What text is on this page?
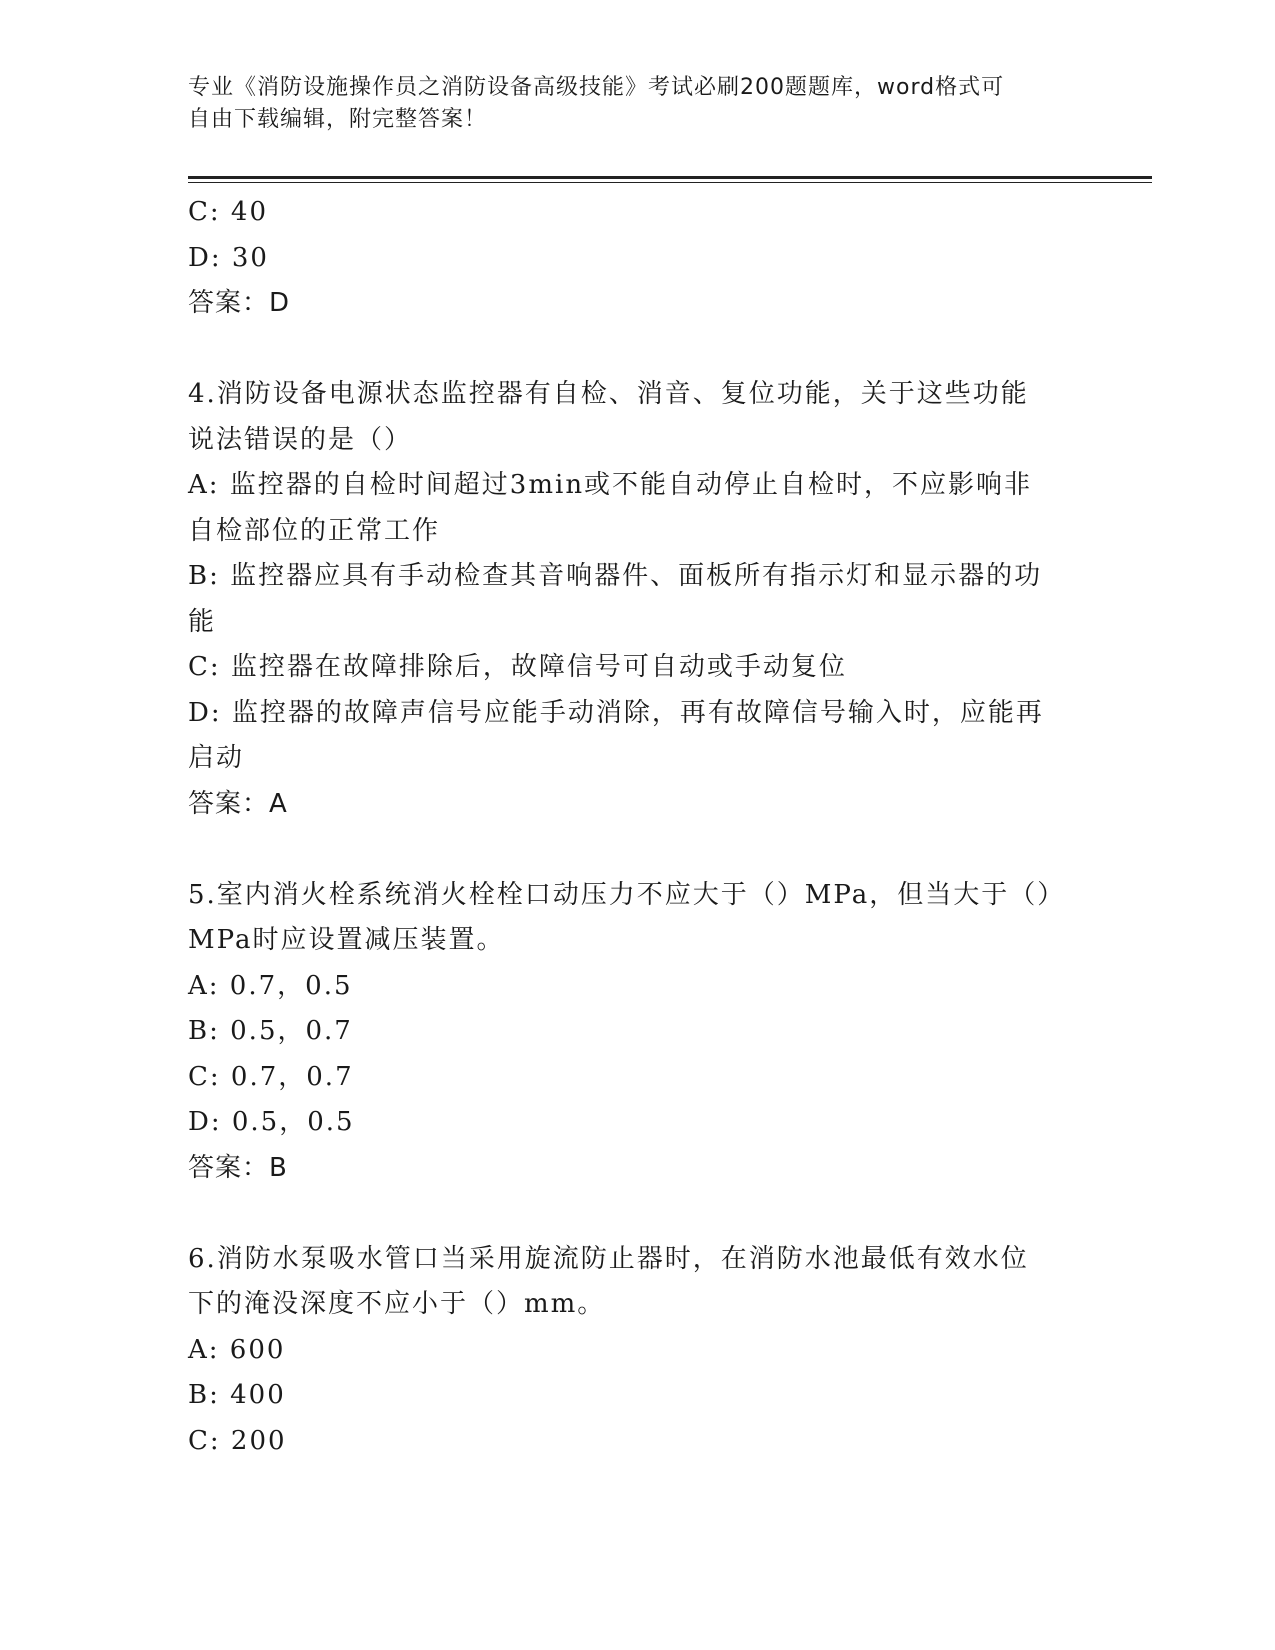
专业《消防设施操作员之消防设备高级技能》考试必刷200题题库，word格式可
自由下载编辑，附完整答案！
C: 40
D: 30
答案：D
4.消防设备电源状态监控器有自检、消音、复位功能，关于这些功能
说法错误的是（）
A: 监控器的自检时间超过3min或不能自动停止自检时，不应影响非
自检部位的正常工作
B: 监控器应具有手动检查其音响器件、面板所有指示灯和显示器的功
能
C: 监控器在故障排除后，故障信号可自动或手动复位
D: 监控器的故障声信号应能手动消除，再有故障信号输入时，应能再
启动
答案：A
5.室内消火栓系统消火栓栓口动压力不应大于（）MPa，但当大于（）
MPa时应设置减压装置。
A: 0.7，0.5
B: 0.5，0.7
C: 0.7，0.7
D: 0.5，0.5
答案：B
6.消防水泵吸水管口当采用旋流防止器时，在消防水池最低有效水位
下的淹没深度不应小于（）mm。
A: 600
B: 400
C: 200
